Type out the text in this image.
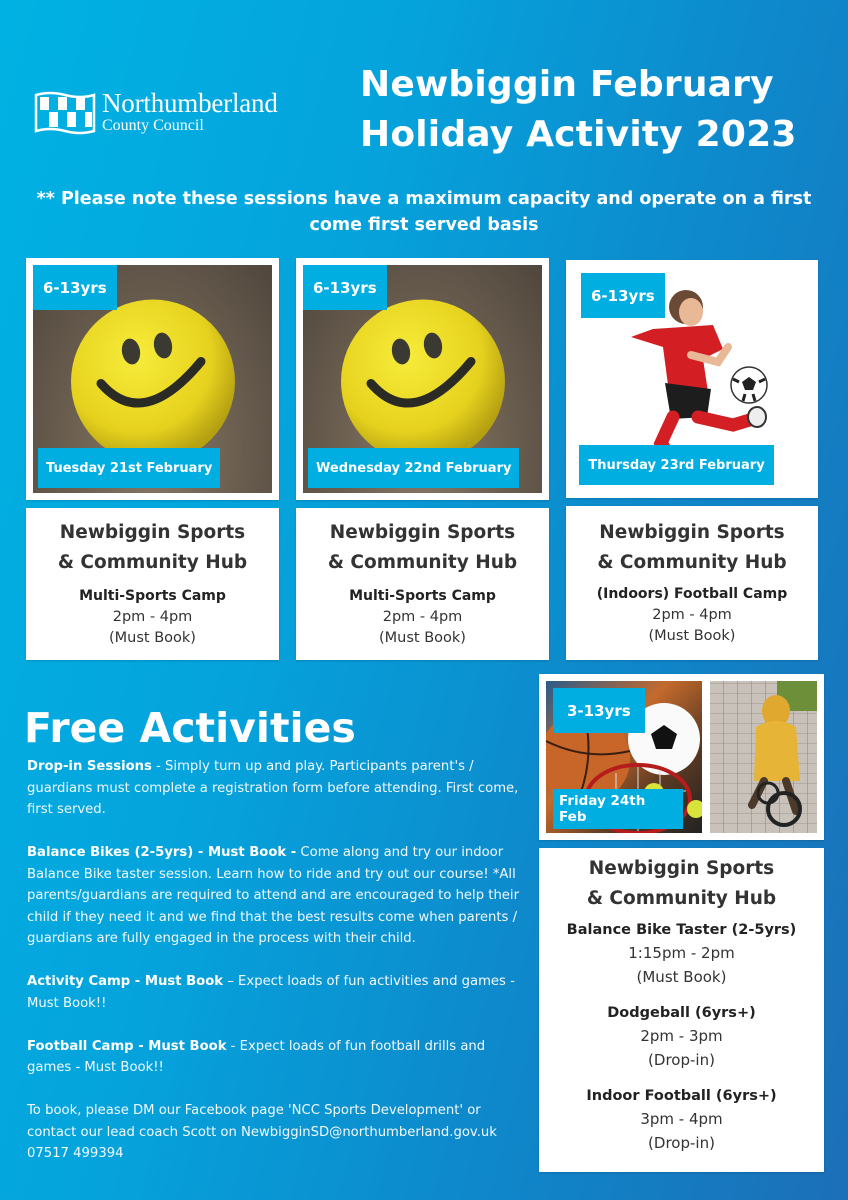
Northumberland
County Council
Newbiggin February
Holiday Activity 2023
** Please note these sessions have a maximum capacity and operate on a first come first served basis
6-13yrs
Tuesday 21st February
Newbiggin Sports
& Community Hub
Multi-Sports Camp
2pm - 4pm
(Must Book)
6-13yrs
Wednesday 22nd February
Newbiggin Sports
& Community Hub
Multi-Sports Camp
2pm - 4pm
(Must Book)
6-13yrs
Thursday 23rd February
Newbiggin Sports
& Community Hub
(Indoors) Football Camp
2pm - 4pm
(Must Book)
Free Activities

Drop-in Sessions - Simply turn up and play. Participants parent's / guardians must complete a registration form before attending. First come, first served.

Balance Bikes (2-5yrs) - Must Book - Come along and try our indoor Balance Bike taster session. Learn how to ride and try out our course! *All parents/guardians are required to attend and are encouraged to help their child if they need it and we find that the best results come when parents / guardians are fully engaged in the process with their child.

Activity Camp - Must Book – Expect loads of fun activities and games - Must Book!!

Football Camp - Must Book - Expect loads of fun football drills and games - Must Book!!

To book, please DM our Facebook page 'NCC Sports Development' or

contact our lead coach Scott on NewbigginSD@northumberland.gov.uk

07517 499394

3-13yrs
Friday 24th Feb
Newbiggin Sports
& Community Hub
Balance Bike Taster (2-5yrs)
1:15pm - 2pm
(Must Book)
Dodgeball (6yrs+)
2pm - 3pm
(Drop-in)
Indoor Football (6yrs+)
3pm - 4pm
(Drop-in)
